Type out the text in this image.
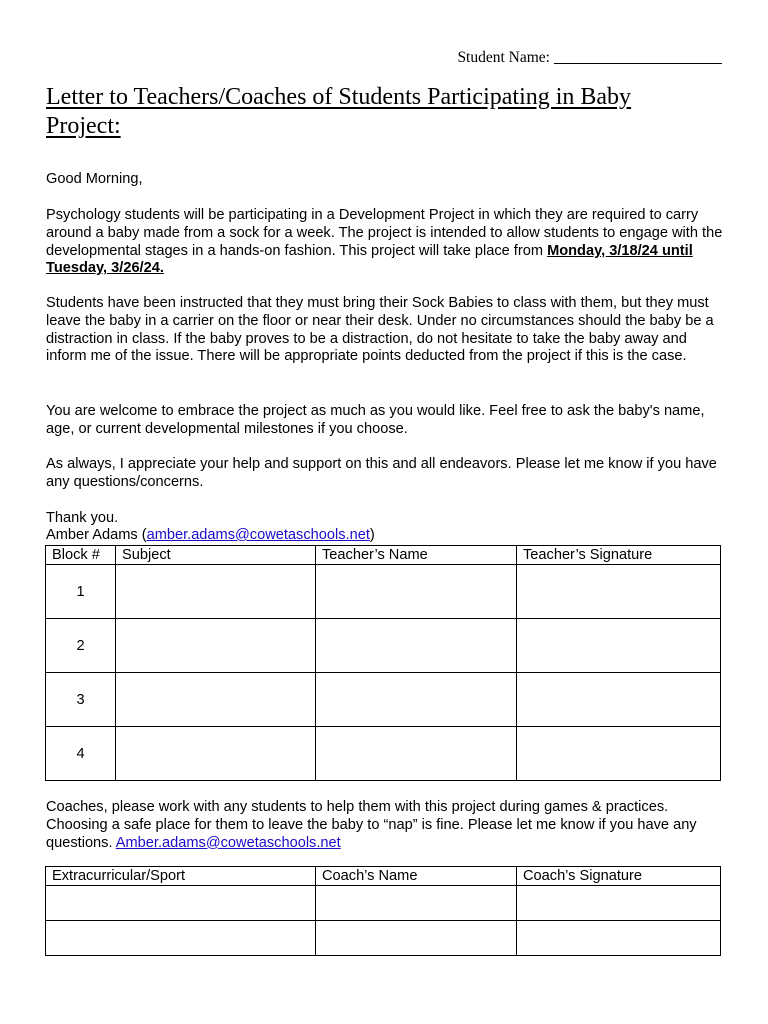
Student Name:
Letter to Teachers/Coaches of Students Participating in Baby Project:

Good Morning,

Psychology students will be participating in a Development Project in which they are required to carry around a baby made from a sock for a week. The project is intended to allow students to engage with the developmental stages in a hands-on fashion. This project will take place from Monday, 3/18/24 until Tuesday, 3/26/24.

Students have been instructed that they must bring their Sock Babies to class with them, but they must leave the baby in a carrier on the floor or near their desk. Under no circumstances should the baby be a distraction in class. If the baby proves to be a distraction, do not hesitate to take the baby away and inform me of the issue. There will be appropriate points deducted from the project if this is the case.

You are welcome to embrace the project as much as you would like. Feel free to ask the baby's name, age, or current developmental milestones if you choose.

As always, I appreciate your help and support on this and all endeavors. Please let me know if you have any questions/concerns.

Thank you.

Amber Adams (amber.adams@cowetaschools.net)

Block #	Subject	Teacher’s Name	Teacher’s Signature
1			
2			
3			
4			

Coaches, please work with any students to help them with this project during games & practices. Choosing a safe place for them to leave the baby to “nap” is fine. Please let me know if you have any questions. Amber.adams@cowetaschools.net

Extracurricular/Sport	Coach’s Name	Coach’s Signature
